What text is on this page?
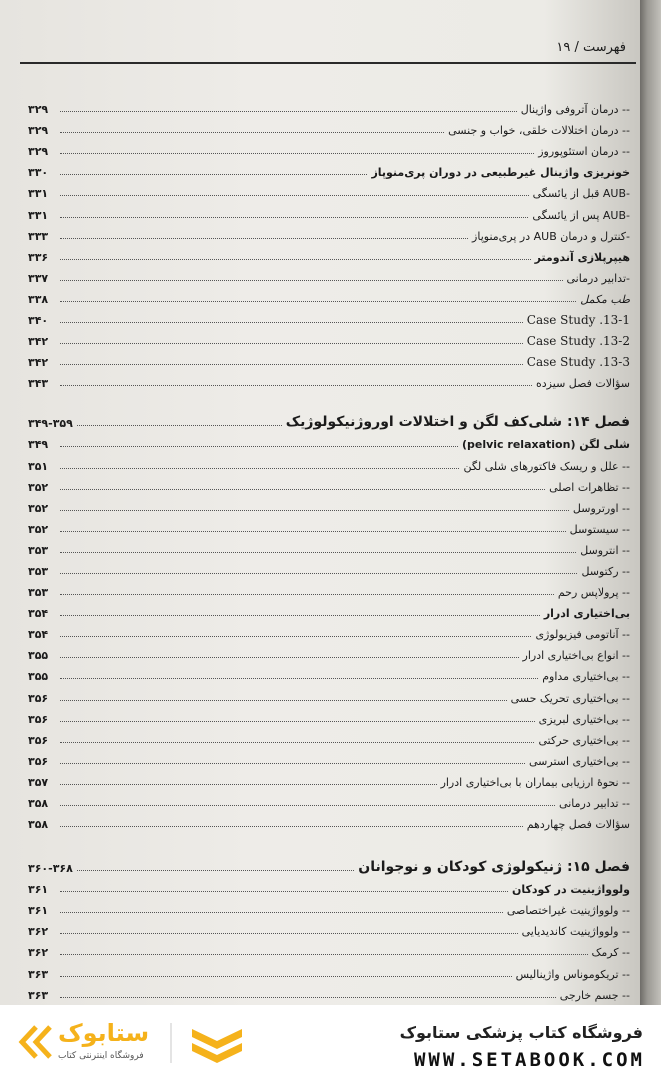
فهرست / ۱۹
-- درمان آتروفی واژینال
۳۲۹
-- درمان اختلالات خلقی، خواب و جنسی
۳۲۹
-- درمان استئوپوروز
۳۲۹
خونریزی واژینال غیرطبیعی در دوران پری‌منوپاز
۳۳۰
-AUB قبل از یائسگی
۳۳۱
-AUB پس از یائسگی
۳۳۱
-کنترل و درمان AUB در پری‌منوپاز
۳۳۳
هیپرپلازی آندومتر
۳۳۶
-تدابیر درمانی
۳۳۷
طب مکمل
۳۳۸
Case Study .13-1
۳۴۰
Case Study .13-2
۳۴۲
Case Study .13-3
۳۴۲
سؤالات فصل سیزده
۳۴۳
فصل ۱۴: شلی‌کف لگن و اختلالات اوروژنیکولوژیک
۳۴۹-۳۵۹
شلی لگن (pelvic relaxation)
۳۴۹
-- علل و ریسک فاکتورهای شلی لگن
۳۵۱
-- تظاهرات اصلی
۳۵۲
-- اورتروسل
۳۵۲
-- سیستوسل
۳۵۲
-- انتروسل
۳۵۳
-- رکتوسل
۳۵۳
-- پرولاپس رحم
۳۵۳
بی‌اختیاری ادرار
۳۵۴
-- آناتومی فیزیولوژی
۳۵۴
-- انواع بی‌اختیاری ادرار
۳۵۵
-- بی‌اختیاری مداوم
۳۵۵
-- بی‌اختیاری تحریک حسی
۳۵۶
-- بی‌اختیاری لبریزی
۳۵۶
-- بی‌اختیاری حرکتی
۳۵۶
-- بی‌اختیاری استرسی
۳۵۶
-- نحوهٔ ارزیابی بیماران با بی‌اختیاری ادرار
۳۵۷
-- تدابیر درمانی
۳۵۸
سؤالات فصل چهاردهم
۳۵۸
فصل ۱۵: ژنیکولوژی کودکان و نوجوانان
۳۶۰-۳۶۸
ولوواژینیت در کودکان
۳۶۱
-- ولوواژینیت غیراختصاصی
۳۶۱
-- ولوواژینیت کاندیدیایی
۳۶۲
-- کرمک
۳۶۲
-- تریکوموناس واژینالیس
۳۶۳
-- جسم خارجی
۳۶۳
ستابوک
فروشگاه اینترنتی کتاب
فروشگاه کتاب پزشکی ستابوک
WWW.SETABOOK.COM
